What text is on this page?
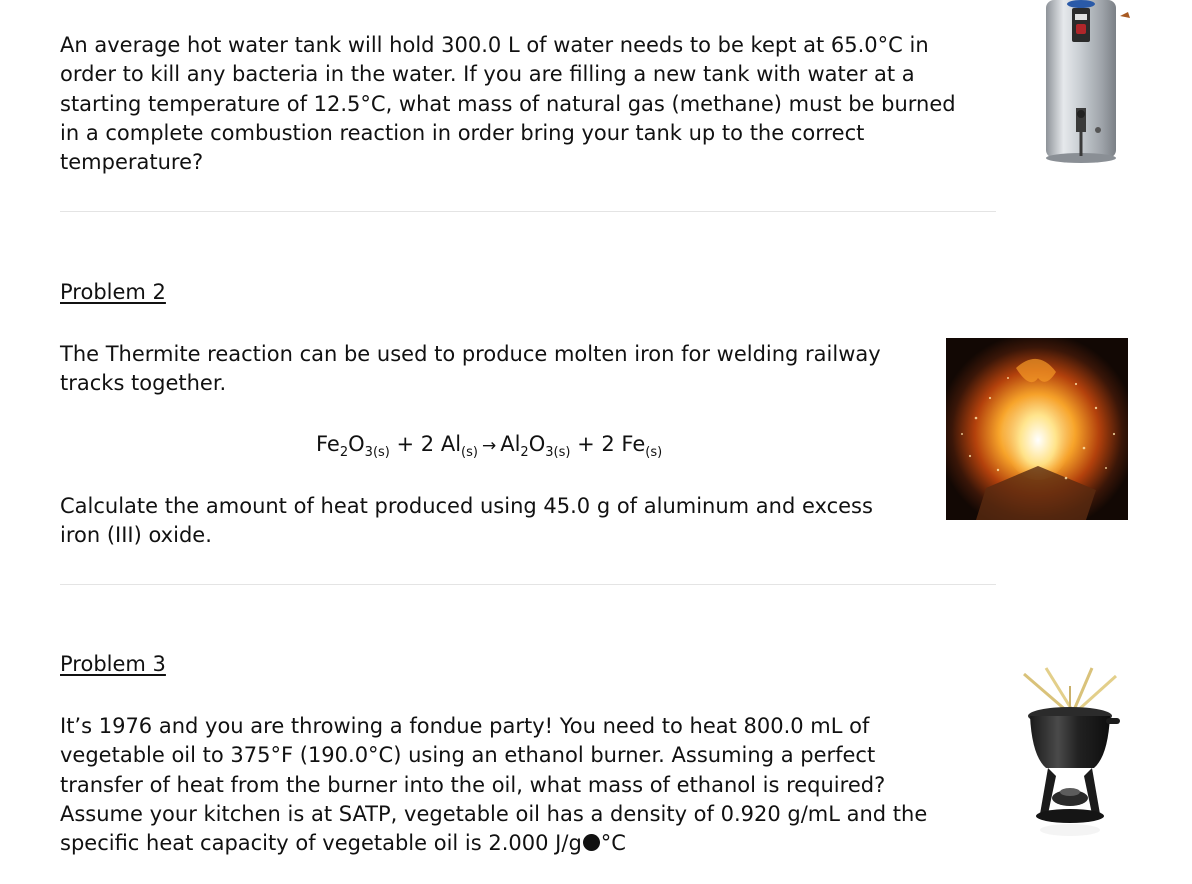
An average hot water tank will hold 300.0 L of water needs to be kept at 65.0°C in

order to kill any bacteria in the water. If you are filling a new tank with water at a

starting temperature of 12.5°C, what mass of natural gas (methane) must be burned

in a complete combustion reaction in order bring your tank up to the correct

temperature?

Problem 2

The Thermite reaction can be used to produce molten iron for welding railway

tracks together.

$Fe_2O_{3(s)} + 2$ $Al_{(s)} \to Al_2O_{3(s)} + 2$ $Fe_{(s)}$

Calculate the amount of heat produced using 45.0 g of aluminum and excess

iron (III) oxide.

Problem 3

It’s 1976 and you are throwing a fondue party! You need to heat 800.0 mL of

vegetable oil to 375°F (190.0°C) using an ethanol burner. Assuming a perfect

transfer of heat from the burner into the oil, what mass of ethanol is required?

Assume your kitchen is at SATP, vegetable oil has a density of 0.920 g/mL and the

specific heat capacity of vegetable oil is 2.000 J/g °C
